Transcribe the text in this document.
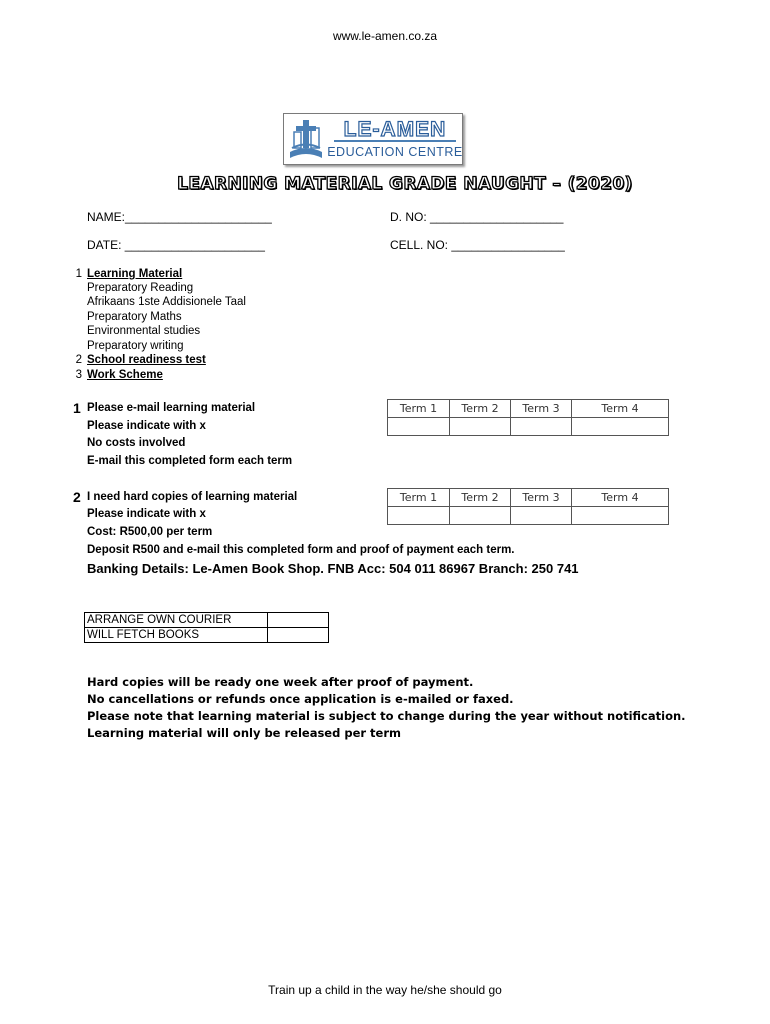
www.le-amen.co.za
LE-AMEN
EDUCATION CENTRE
LEARNING MATERIAL GRADE NAUGHT – (2020)
NAME:______________________	D. NO: ____________________
DATE: _____________________	CELL. NO: _________________
1 Learning Material
Preparatory Reading
Afrikaans 1ste Addisionele Taal
Preparatory Maths
Environmental studies
Preparatory writing
2 School readiness test
3 Work Scheme
1 Please e-mail learning material
Please indicate with x
No costs involved
E-mail this completed form each term
Term 1	Term 2	Term 3	Term 4

2 I need hard copies of learning material
Please indicate with x
Cost: R500,00 per term
Deposit R500 and e-mail this completed form and proof of payment each term.
Term 1	Term 2	Term 3	Term 4

Banking Details: Le-Amen Book Shop. FNB Acc: 504 011 86967 Branch: 250 741
ARRANGE OWN COURIER	
WILL FETCH BOOKS	
Hard copies will be ready one week after proof of payment.
No cancellations or refunds once application is e-mailed or faxed.
Please note that learning material is subject to change during the year without notification.
Learning material will only be released per term
Train up a child in the way he/she should go
